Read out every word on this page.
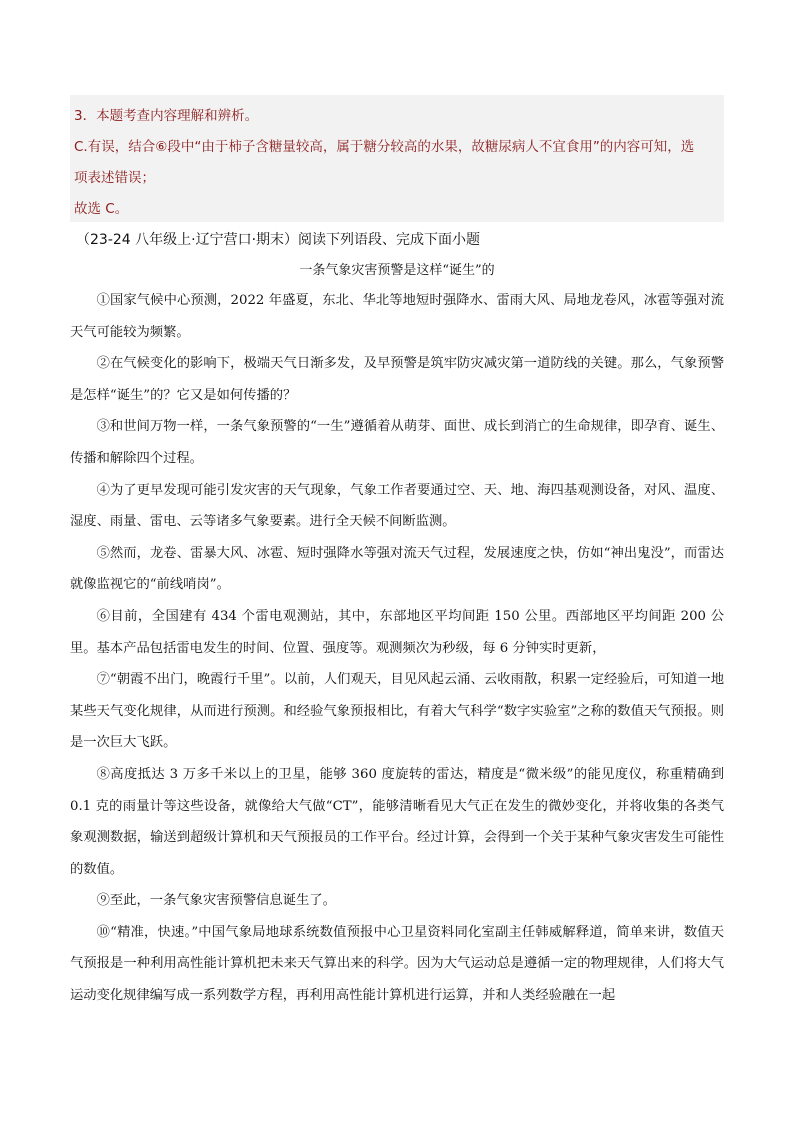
3．本题考查内容理解和辨析。
C.有误，结合⑥段中“由于柿子含糖量较高，属于糖分较高的水果，故糖尿病人不宜食用”的内容可知，选
项表述错误；
故选 C。
（23-24 八年级上·辽宁营口·期末）阅读下列语段、完成下面小题
一条气象灾害预警是这样“诞生”的

①国家气候中心预测，2022 年盛夏，东北、华北等地短时强降水、雷雨大风、局地龙卷风，冰雹等强对流天气可能较为频繁。

②在气候变化的影响下，极端天气日渐多发，及早预警是筑牢防灾减灾第一道防线的关键。那么，气象预警是怎样“诞生”的？它又是如何传播的？

③和世间万物一样，一条气象预警的“一生”遵循着从萌芽、面世、成长到消亡的生命规律，即孕育、诞生、传播和解除四个过程。

④为了更早发现可能引发灾害的天气现象，气象工作者要通过空、天、地、海四基观测设备，对风、温度、湿度、雨量、雷电、云等诸多气象要素。进行全天候不间断监测。

⑤然而，龙卷、雷暴大风、冰雹、短时强降水等强对流天气过程，发展速度之快，仿如“神出鬼没”，而雷达就像监视它的“前线哨岗”。

⑥目前，全国建有 434 个雷电观测站，其中，东部地区平均间距 150 公里。西部地区平均间距 200 公里。基本产品包括雷电发生的时间、位置、强度等。观测频次为秒级，每 6 分钟实时更新，

⑦“朝霞不出门，晚霞行千里”。以前，人们观天，目见风起云涌、云收雨散，积累一定经验后，可知道一地某些天气变化规律，从而进行预测。和经验气象预报相比，有着大气科学“数字实验室”之称的数值天气预报。则是一次巨大飞跃。

⑧高度抵达 3 万多千米以上的卫星，能够 360 度旋转的雷达，精度是“微米级”的能见度仪，称重精确到 0.1 克的雨量计等这些设备，就像给大气做“CT”，能够清晰看见大气正在发生的微妙变化，并将收集的各类气象观测数据，输送到超级计算机和天气预报员的工作平台。经过计算，会得到一个关于某种气象灾害发生可能性的数值。

⑨至此，一条气象灾害预警信息诞生了。

⑩“精准，快速。”中国气象局地球系统数值预报中心卫星资料同化室副主任韩威解释道，简单来讲，数值天气预报是一种利用高性能计算机把未来天气算出来的科学。因为大气运动总是遵循一定的物理规律，人们将大气运动变化规律编写成一系列数学方程，再利用高性能计算机进行运算，并和人类经验融在一起
